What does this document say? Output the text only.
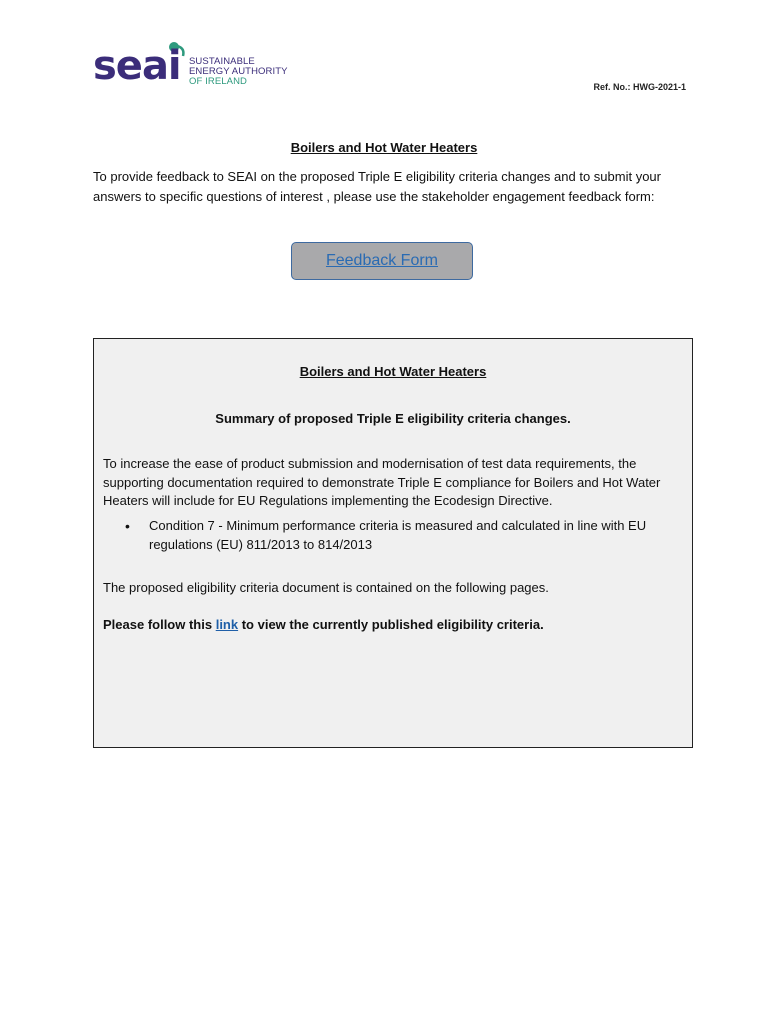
seai SUSTAINABLE
ENERGY AUTHORITY
OF IRELAND	Ref. No.: HWG-2021-1
Boilers and Hot Water Heaters
To provide feedback to SEAI on the proposed Triple E eligibility criteria changes and to submit your answers to specific questions of interest , please use the stakeholder engagement feedback form:
Feedback Form
Boilers and Hot Water Heaters
Summary of proposed Triple E eligibility criteria changes.
To increase the ease of product submission and modernisation of test data requirements, the supporting documentation required to demonstrate Triple E compliance for Boilers and Hot Water Heaters will include for EU Regulations implementing the Ecodesign Directive.
• Condition 7 - Minimum performance criteria is measured and calculated in line with EU regulations (EU) 811/2013 to 814/2013
The proposed eligibility criteria document is contained on the following pages.
Please follow this link to view the currently published eligibility criteria.
